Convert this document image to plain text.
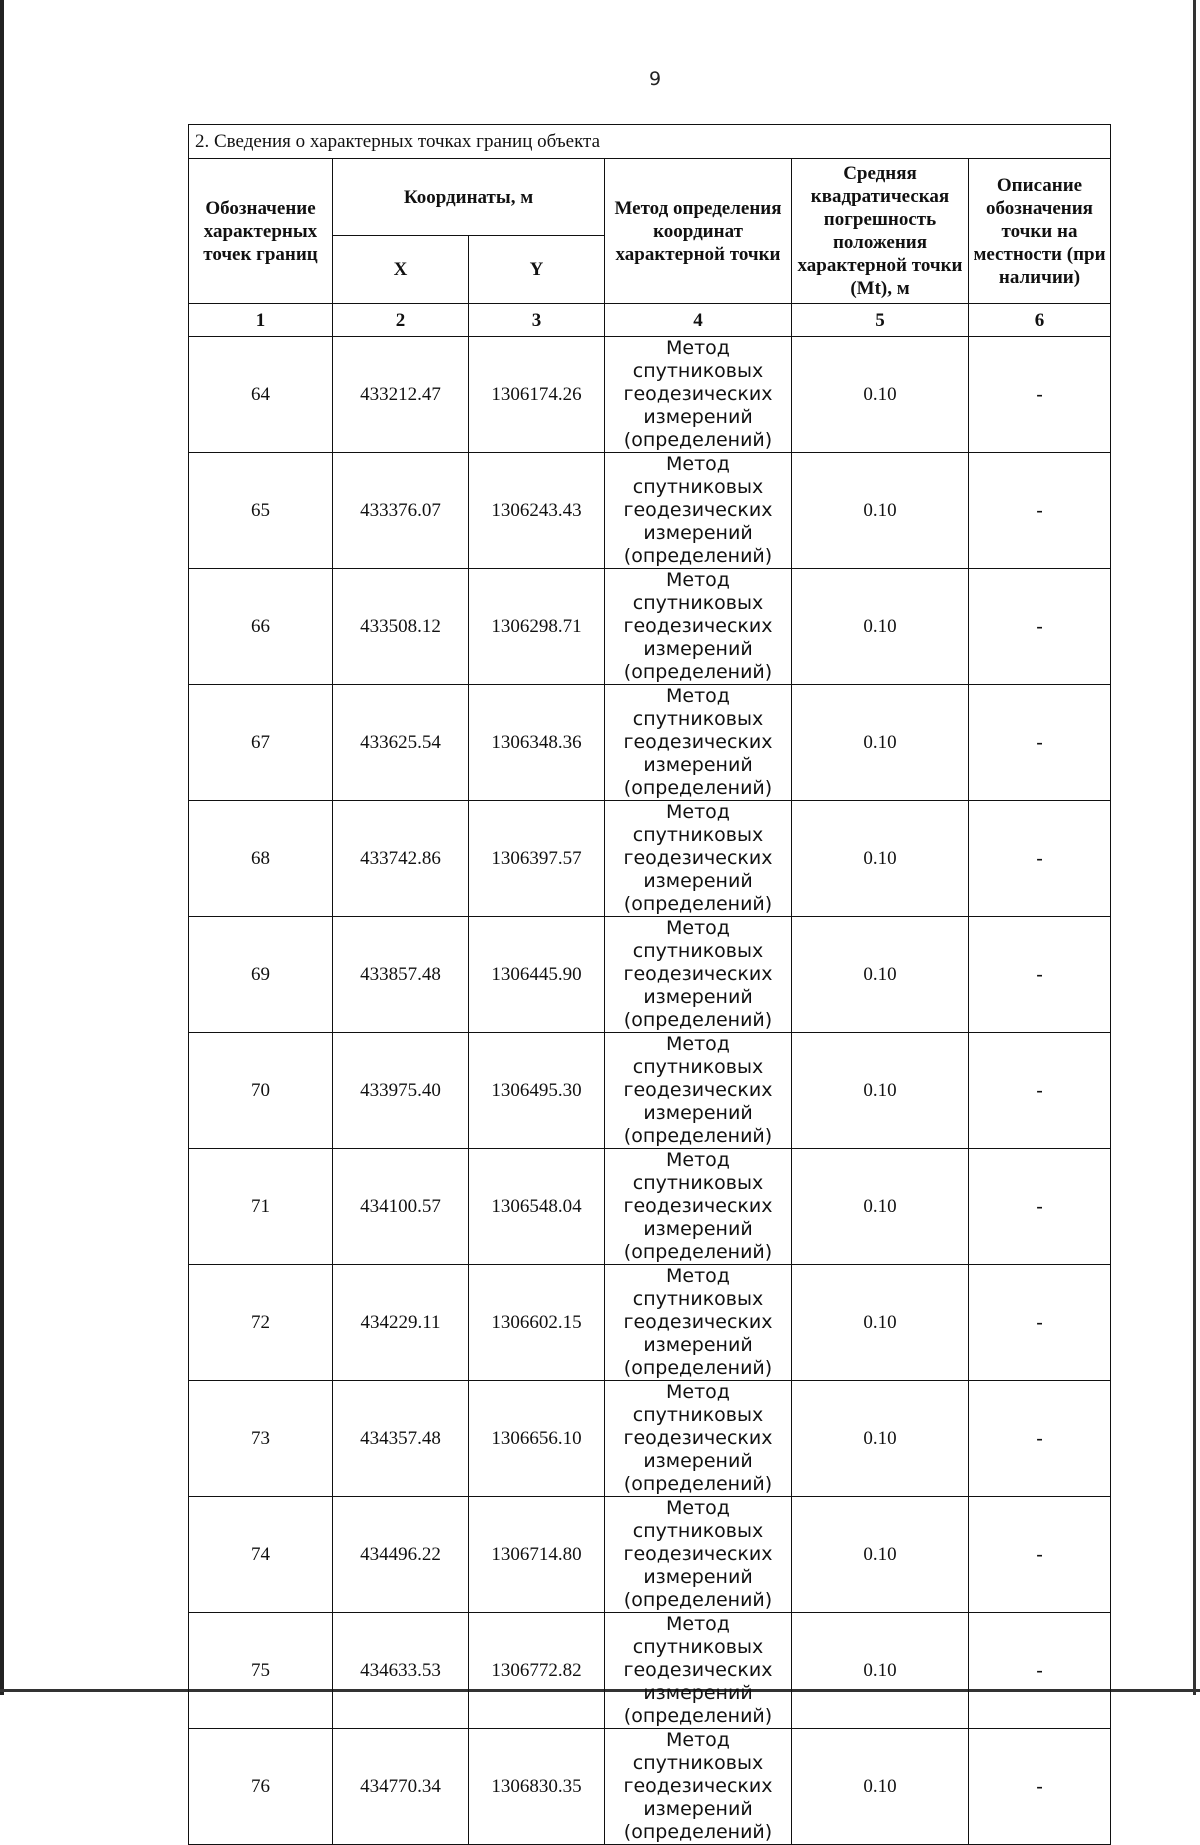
9
2. Сведения о характерных точках границ объекта					
Обозначение характерных точек границ	Координаты, м		Метод определения координат характерной точки	Средняя квадратическая погрешность положения характерной точки (Mt), м	Описание обозначения точки на местности (при наличии)
	X	Y			
1	2	3	4	5	6
64	433212.47	1306174.26	Метод спутниковых геодезических измерений (определений)	0.10	-
65	433376.07	1306243.43	Метод спутниковых геодезических измерений (определений)	0.10	-
66	433508.12	1306298.71	Метод спутниковых геодезических измерений (определений)	0.10	-
67	433625.54	1306348.36	Метод спутниковых геодезических измерений (определений)	0.10	-
68	433742.86	1306397.57	Метод спутниковых геодезических измерений (определений)	0.10	-
69	433857.48	1306445.90	Метод спутниковых геодезических измерений (определений)	0.10	-
70	433975.40	1306495.30	Метод спутниковых геодезических измерений (определений)	0.10	-
71	434100.57	1306548.04	Метод спутниковых геодезических измерений (определений)	0.10	-
72	434229.11	1306602.15	Метод спутниковых геодезических измерений (определений)	0.10	-
73	434357.48	1306656.10	Метод спутниковых геодезических измерений (определений)	0.10	-
74	434496.22	1306714.80	Метод спутниковых геодезических измерений (определений)	0.10	-
75	434633.53	1306772.82	Метод спутниковых геодезических измерений (определений)	0.10	-
76	434770.34	1306830.35	Метод спутниковых геодезических измерений (определений)	0.10	-
